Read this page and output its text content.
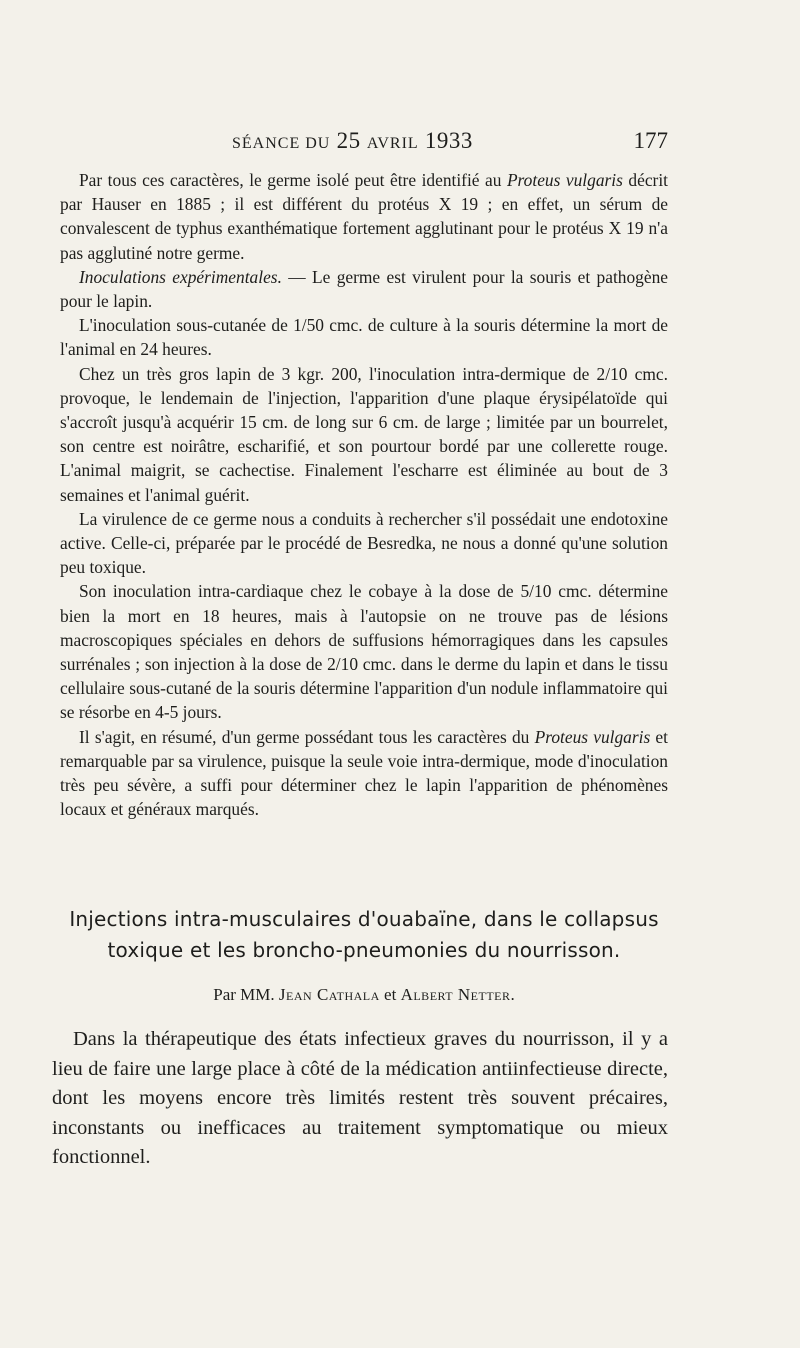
SÉANCE DU 25 AVRIL 1933	177

Par tous ces caractères, le germe isolé peut être identifié au Proteus vulgaris décrit par Hauser en 1885 ; il est différent du protéus X 19 ; en effet, un sérum de convalescent de typhus exanthématique fortement agglutinant pour le protéus X 19 n'a pas agglutiné notre germe.

Inoculations expérimentales. — Le germe est virulent pour la souris et pathogène pour le lapin.

L'inoculation sous-cutanée de 1/50 cmc. de culture à la souris détermine la mort de l'animal en 24 heures.

Chez un très gros lapin de 3 kgr. 200, l'inoculation intra-dermique de 2/10 cmc. provoque, le lendemain de l'injection, l'apparition d'une plaque érysipélatoïde qui s'accroît jusqu'à acquérir 15 cm. de long sur 6 cm. de large ; limitée par un bourrelet, son centre est noirâtre, escharifié, et son pourtour bordé par une collerette rouge. L'animal maigrit, se cachectise. Finalement l'escharre est éliminée au bout de 3 semaines et l'animal guérit.

La virulence de ce germe nous a conduits à rechercher s'il possédait une endotoxine active. Celle-ci, préparée par le procédé de Besredka, ne nous a donné qu'une solution peu toxique.

Son inoculation intra-cardiaque chez le cobaye à la dose de 5/10 cmc. détermine bien la mort en 18 heures, mais à l'autopsie on ne trouve pas de lésions macroscopiques spéciales en dehors de suffusions hémorragiques dans les capsules surrénales ; son injection à la dose de 2/10 cmc. dans le derme du lapin et dans le tissu cellulaire sous-cutané de la souris détermine l'apparition d'un nodule inflammatoire qui se résorbe en 4-5 jours.

Il s'agit, en résumé, d'un germe possédant tous les caractères du Proteus vulgaris et remarquable par sa virulence, puisque la seule voie intra-dermique, mode d'inoculation très peu sévère, a suffi pour déterminer chez le lapin l'apparition de phénomènes locaux et généraux marqués.

Injections intra-musculaires d'ouabaïne, dans le collapsus
toxique et les broncho-pneumonies du nourrisson.
Par MM. Jean Cathala et Albert Netter.

Dans la thérapeutique des états infectieux graves du nourrisson, il y a lieu de faire une large place à côté de la médication antiinfectieuse directe, dont les moyens encore très limités restent très souvent précaires, inconstants ou inefficaces au traitement symptomatique ou mieux fonctionnel.
